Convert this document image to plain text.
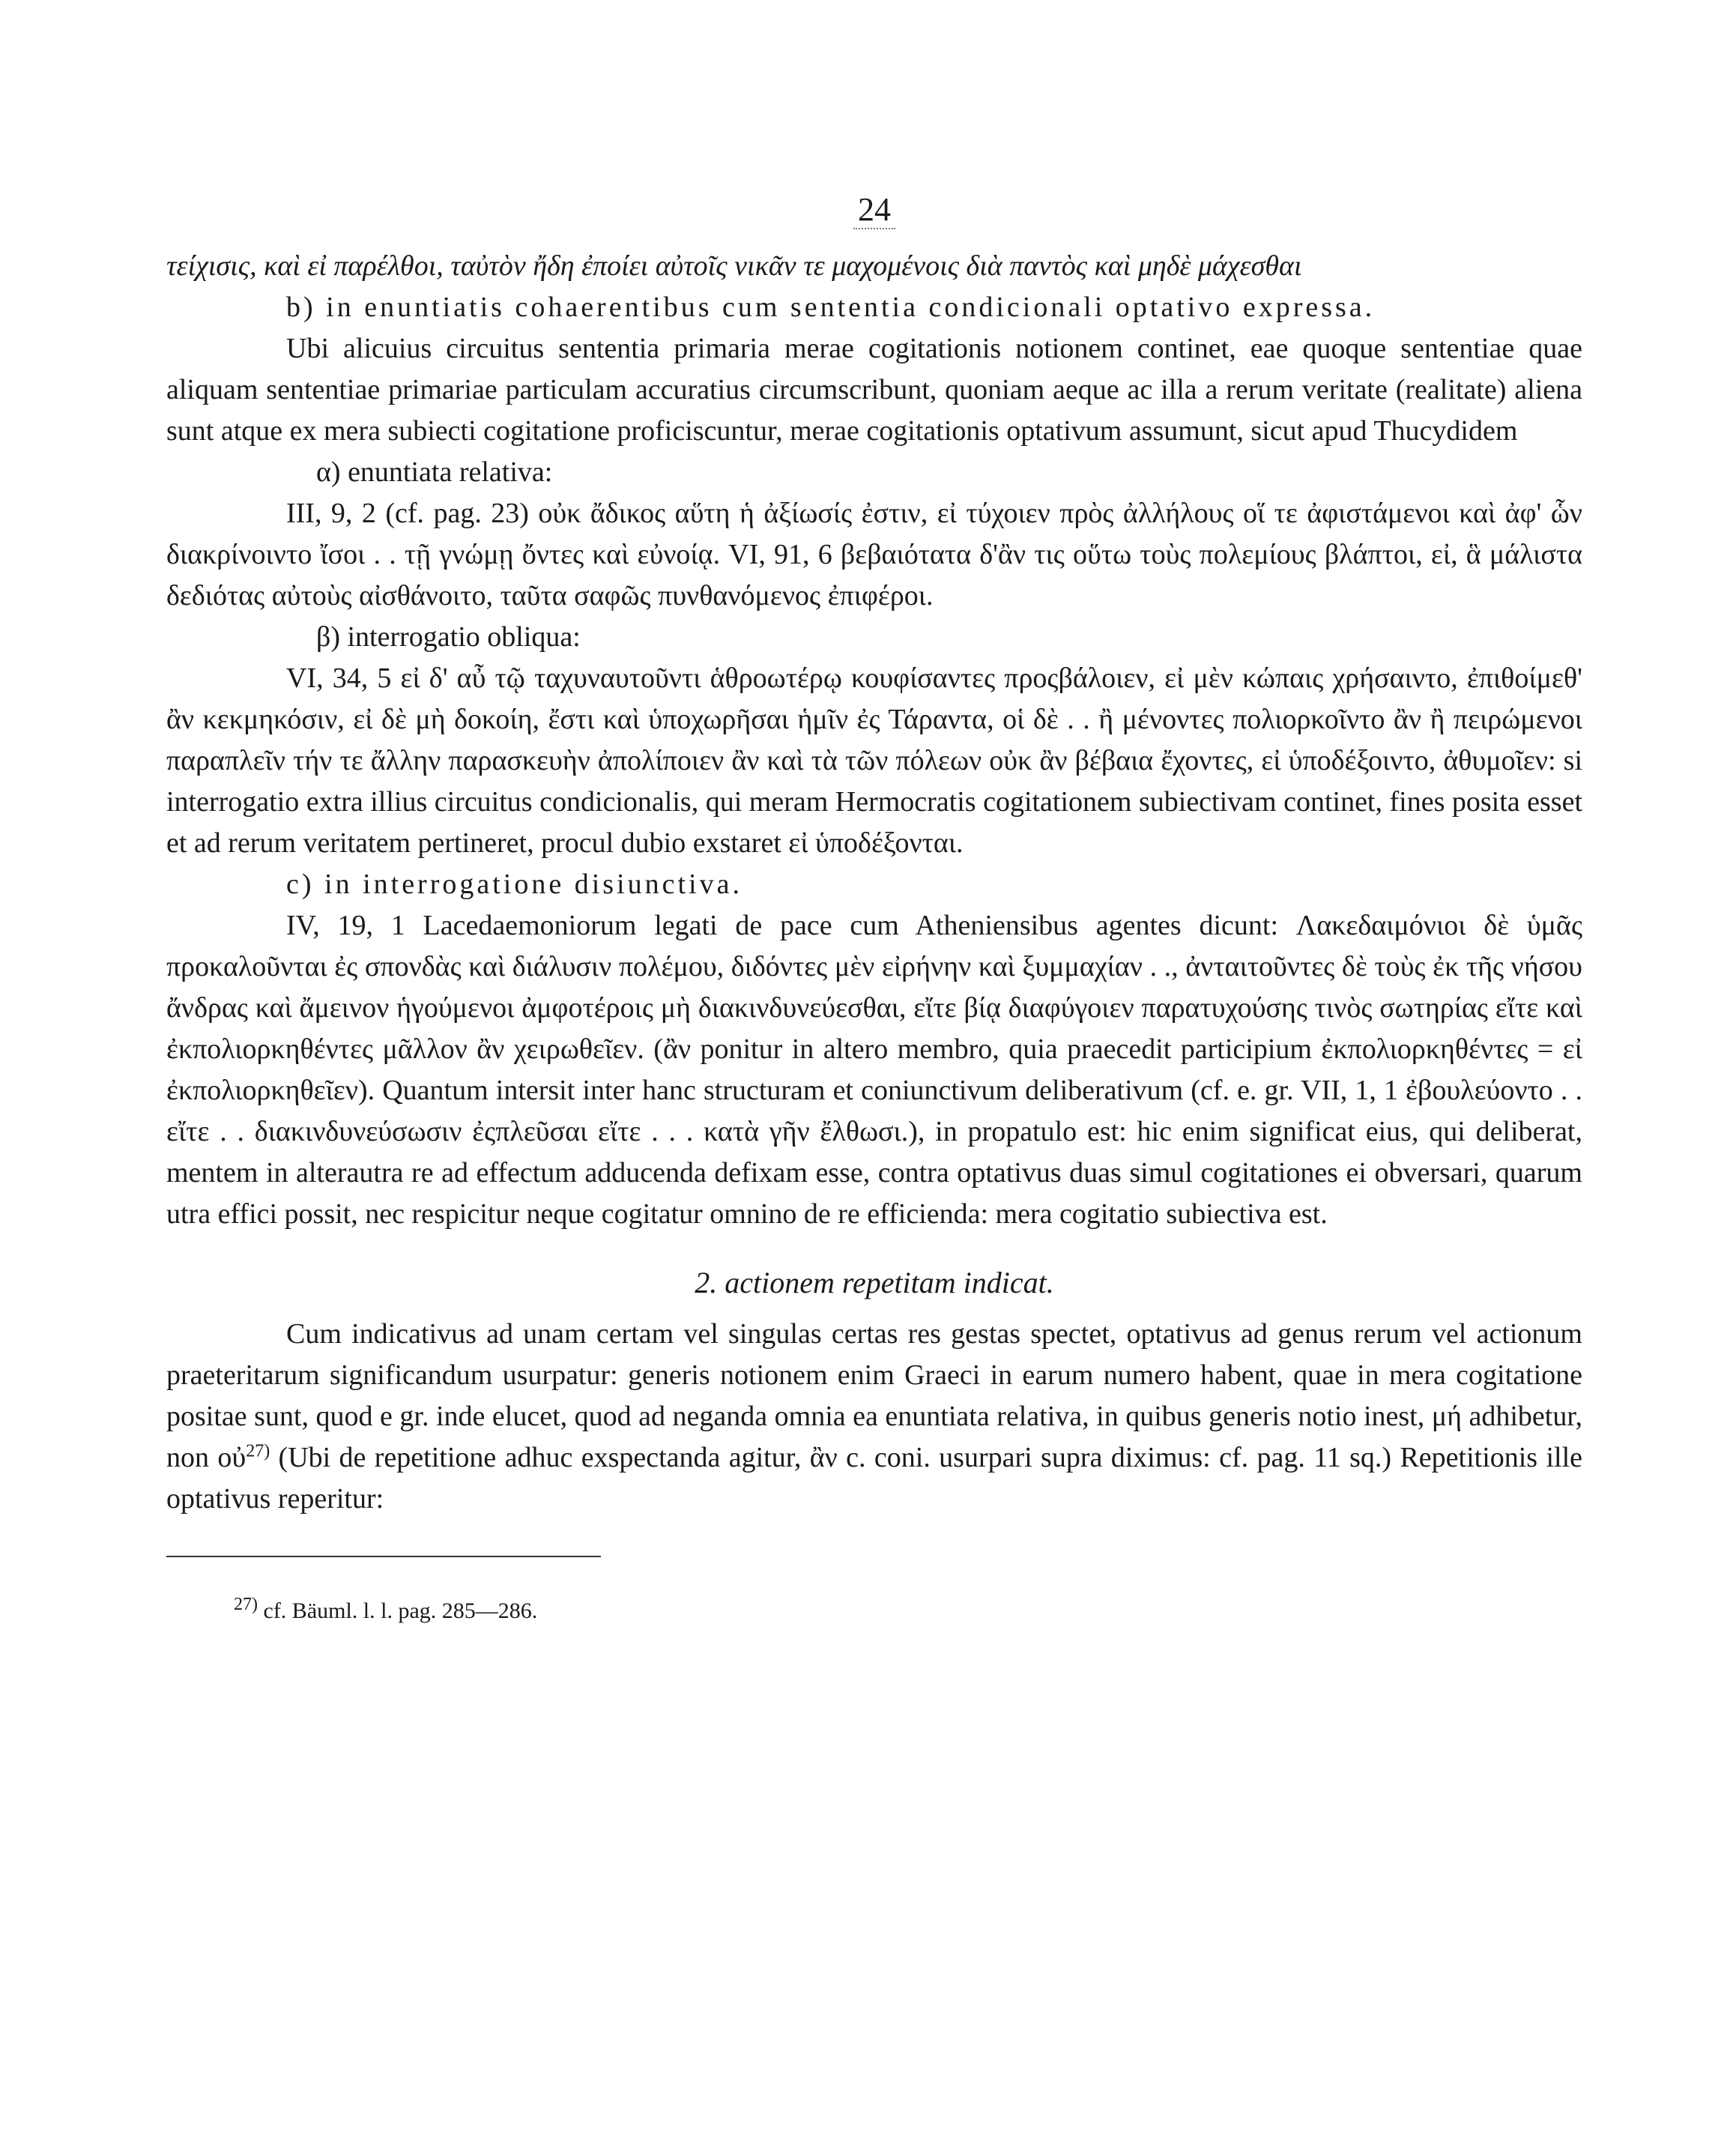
24

τείχισις, καὶ εἰ παρέλθοι, ταὐτὸν ἤδη ἐποίει αὐτοῖς νικᾶν τε μαχομένοις διὰ παντὸς καὶ μηδὲ μάχεσθαι

b) in enuntiatis cohaerentibus cum sententia condicionali optativo expressa.

Ubi alicuius circuitus sententia primaria merae cogitationis notionem continet, eae quoque sententiae quae aliquam sententiae primariae particulam accuratius circumscribunt, quoniam aeque ac illa a rerum veritate (realitate) aliena sunt atque ex mera subiecti cogitatione proficiscuntur, merae cogitationis optativum assumunt, sicut apud Thucydidem

α) enuntiata relativa:

III, 9, 2 (cf. pag. 23) οὐκ ἄδικος αὕτη ἡ ἀξίωσίς ἐστιν, εἰ τύχοιεν πρὸς ἀλλήλους οἵ τε ἀφιστάμενοι καὶ ἀφ' ὧν διακρίνοιντο ἴσοι . . τῇ γνώμῃ ὄντες καὶ εὐνοίᾳ. VI, 91, 6 βεβαιότατα δ'ἂν τις οὕτω τοὺς πολεμίους βλάπτοι, εἰ, ἃ μάλιστα δεδιότας αὐτοὺς αἰσθάνοιτο, ταῦτα σαφῶς πυνθανόμενος ἐπιφέροι.

β) interrogatio obliqua:

VI, 34, 5 εἰ δ' αὖ τῷ ταχυναυτοῦντι ἁθροωτέρῳ κουφίσαντες προςβάλοιεν, εἰ μὲν κώπαις χρήσαιντο, ἐπιθοίμεθ' ἂν κεκμηκόσιν, εἰ δὲ μὴ δοκοίη, ἔστι καὶ ὑποχωρῆσαι ἡμῖν ἐς Τάραντα, οἱ δὲ . . ἢ μένοντες πολιορκοῖντο ἂν ἢ πειρώμενοι παραπλεῖν τήν τε ἄλλην παρασκευὴν ἀπολίποιεν ἂν καὶ τὰ τῶν πόλεων οὐκ ἂν βέβαια ἔχοντες, εἰ ὑποδέξοιντο, ἀθυμοῖεν: si interrogatio extra illius circuitus condicionalis, qui meram Hermocratis cogitationem subiectivam continet, fines posita esset et ad rerum veritatem pertineret, procul dubio exstaret εἰ ὑποδέξονται.

c) in interrogatione disiunctiva.

IV, 19, 1 Lacedaemoniorum legati de pace cum Atheniensibus agentes dicunt: Λακεδαιμόνιοι δὲ ὑμᾶς προκαλοῦνται ἐς σπονδὰς καὶ διάλυσιν πολέμου, διδόντες μὲν εἰρήνην καὶ ξυμμαχίαν . ., ἀνταιτοῦντες δὲ τοὺς ἐκ τῆς νήσου ἄνδρας καὶ ἄμεινον ἡγούμενοι ἀμφοτέροις μὴ διακινδυνεύεσθαι, εἴτε βίᾳ διαφύγοιεν παρατυχούσης τινὸς σωτηρίας εἴτε καὶ ἐκπολιορκηθέντες μᾶλλον ἂν χειρωθεῖεν. (ἂν ponitur in altero membro, quia praecedit participium ἐκπολιορκηθέντες = εἰ ἐκπολιορκηθεῖεν). Quantum intersit inter hanc structuram et coniunctivum deliberativum (cf. e. gr. VII, 1, 1 ἐβουλεύοντο . . εἴτε . . διακινδυνεύσωσιν ἐςπλεῦσαι εἴτε . . . κατὰ γῆν ἔλθωσι.), in propatulo est: hic enim significat eius, qui deliberat, mentem in alterautra re ad effectum adducenda defixam esse, contra optativus duas simul cogitationes ei obversari, quarum utra effici possit, nec respicitur neque cogitatur omnino de re efficienda: mera cogitatio subiectiva est.

2. actionem repetitam indicat.

Cum indicativus ad unam certam vel singulas certas res gestas spectet, optativus ad genus rerum vel actionum praeteritarum significandum usurpatur: generis notionem enim Graeci in earum numero habent, quae in mera cogitatione positae sunt, quod e gr. inde elucet, quod ad neganda omnia ea enuntiata relativa, in quibus generis notio inest, μή adhibetur, non οὐ$^{27)}$ (Ubi de repetitione adhuc exspectanda agitur, ἂν c. coni. usurpari supra diximus: cf. pag. 11 sq.) Repetitionis ille optativus reperitur:

$^{27)}$ cf. Bäuml. l. l. pag. 285—286.
